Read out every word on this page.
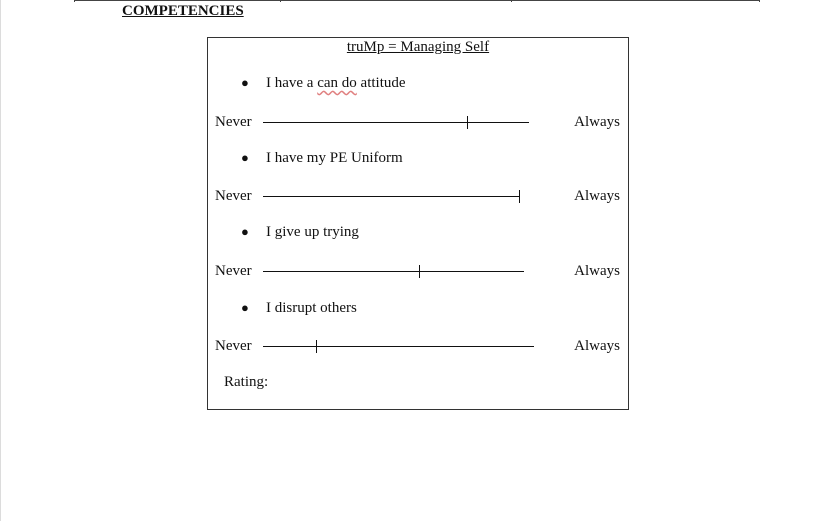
COMPETENCIES
truMp = Managing Self
● I have a can do attitude
Never	Always
● I have my PE Uniform
Never	Always
● I give up trying
Never	Always
● I disrupt others
Never	Always
Rating:
